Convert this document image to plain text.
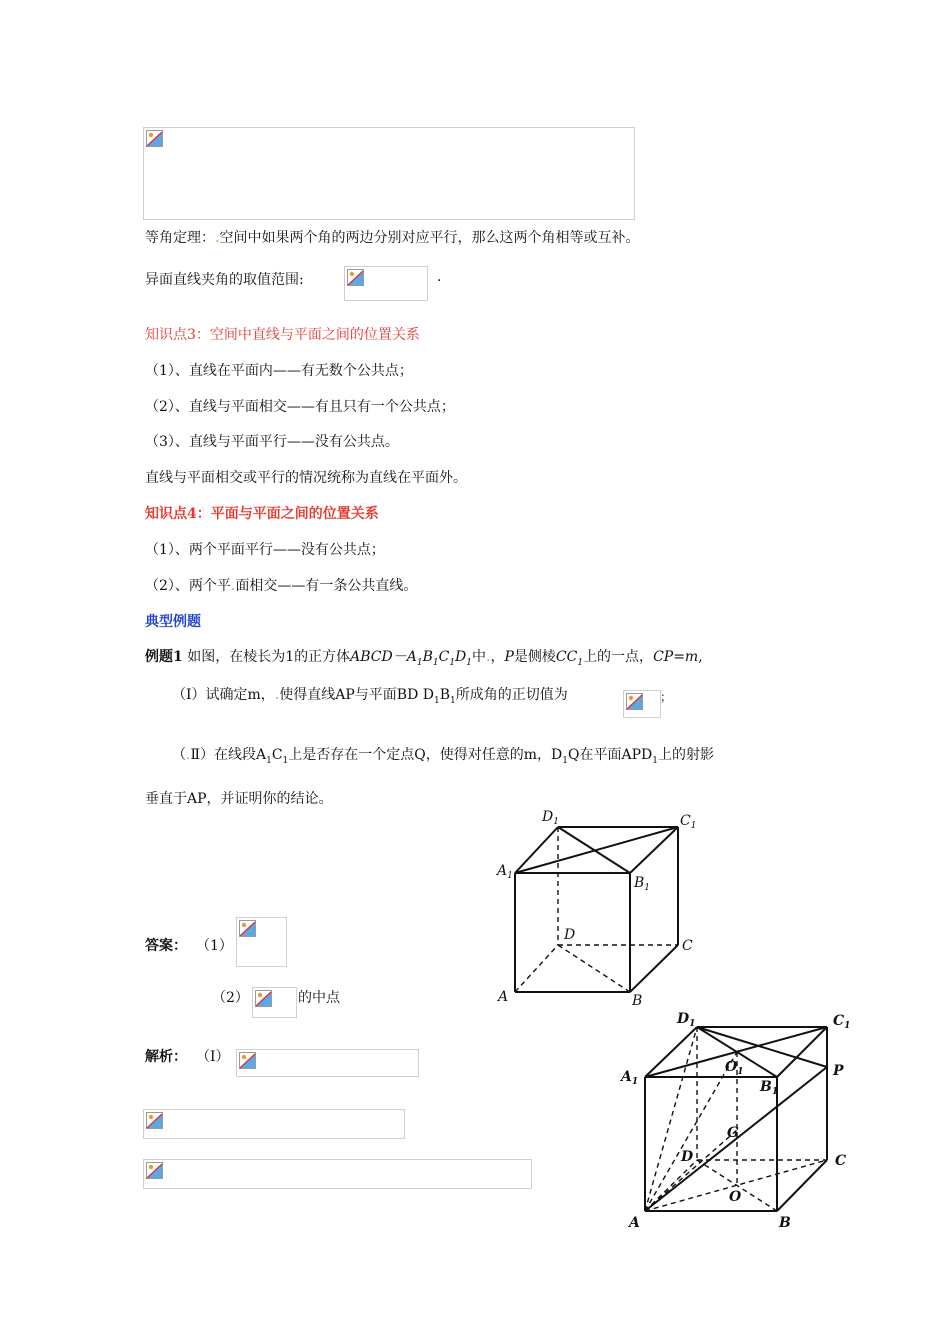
等角定理：.空间中如果两个角的两边分别对应平行，那么这两个角相等或互补。
异面直线夹角的取值范围:	.
知识点3：空间中直线与平面之间的位置关系
（1）、直线在平面内——有无数个公共点；
（2）、直线与平面相交——有且只有一个公共点；
（3）、直线与平面平行——没有公共点。
直线与平面相交或平行的情况统称为直线在平面外。
知识点4：平面与平面之间的位置关系
（1）、两个平面平行——没有公共点；
（2）、两个平.面相交——有一条公共直线。
典型例题
例题1 如图，在棱长为1的正方体$ABCD-A_1B_1C_1D_1$中.，P是侧棱$CC_1$上的一点，CP=m,
（Ⅰ）试确定m，.使得直线AP与平面BD $D_1B_1$所成角的正切值为	；
（.Ⅱ）在线段$A_1C_1$上是否存在一个定点Q，使得对任意的m，$D_1Q$在平面$APD_1$上的射影
垂直于AP，并证明你的结论。
$D_1$	$C_1$
$A_1$	$B_1$
D
C
A	B
答案： （1）
（2）	的中点
解析： （Ⅰ）
$D_1$	$C_1$
$A_1$	$B_1$
$O_1$	P
G
D	C
O
A	B
